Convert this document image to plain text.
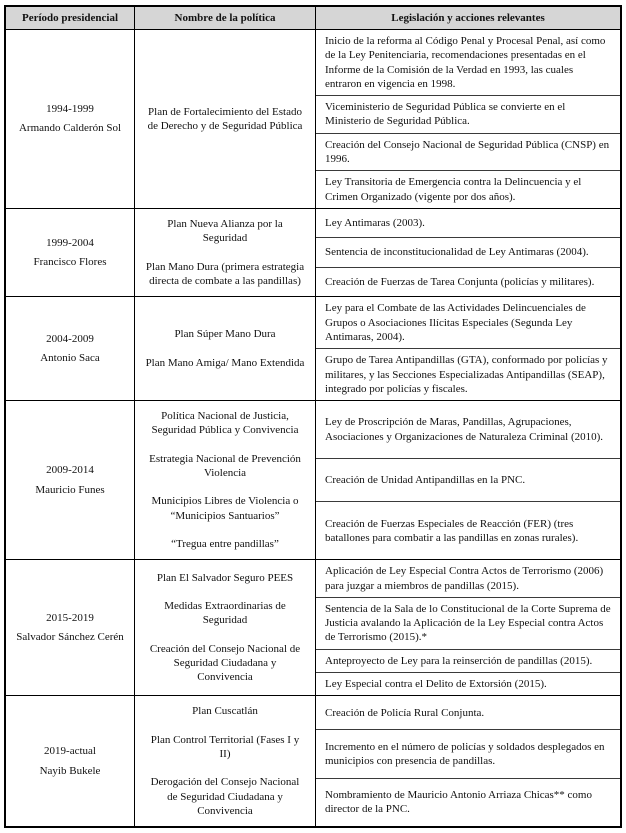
Período presidencial	Nombre de la política	Legislación y acciones relevantes
1994-1999
Armando Calderón Sol
Plan de Fortalecimiento del Estado de Derecho y de Seguridad Pública
Inicio de la reforma al Código Penal y Procesal Penal, así como de la Ley Penitenciaria, recomendaciones presentadas en el Informe de la Comisión de la Verdad en 1993, las cuales entraron en vigencia en 1998.
Viceministerio de Seguridad Pública se convierte en el Ministerio de Seguridad Pública.
Creación del Consejo Nacional de Seguridad Pública (CNSP) en 1996.
Ley Transitoria de Emergencia contra la Delincuencia y el Crimen Organizado (vigente por dos años).
1999-2004
Francisco Flores
Plan Nueva Alianza por la Seguridad
Plan Mano Dura (primera estrategia directa de combate a las pandillas)
Ley Antimaras (2003).
Sentencia de inconstitucionalidad de Ley Antimaras (2004).
Creación de Fuerzas de Tarea Conjunta (policías y militares).
2004-2009
Antonio Saca
Plan Súper Mano Dura
Plan Mano Amiga/ Mano Extendida
Ley para el Combate de las Actividades Delincuenciales de Grupos o Asociaciones Ilícitas Especiales (Segunda Ley Antimaras, 2004).
Grupo de Tarea Antipandillas (GTA), conformado por policías y militares, y las Secciones Especializadas Antipandillas (SEAP), integrado por policías y fiscales.
2009-2014
Mauricio Funes
Política Nacional de Justicia, Seguridad Pública y Convivencia
Estrategia Nacional de Prevención Violencia
Municipios Libres de Violencia o “Municipios Santuarios”
“Tregua entre pandillas”
Ley de Proscripción de Maras, Pandillas, Agrupaciones, Asociaciones y Organizaciones de Naturaleza Criminal (2010).
Creación de Unidad Antipandillas en la PNC.
Creación de Fuerzas Especiales de Reacción (FER) (tres batallones para combatir a las pandillas en zonas rurales).
2015-2019
Salvador Sánchez Cerén
Plan El Salvador Seguro PEES
Medidas Extraordinarias de Seguridad
Creación del Consejo Nacional de Seguridad Ciudadana y Convivencia
Aplicación de Ley Especial Contra Actos de Terrorismo (2006) para juzgar a miembros de pandillas (2015).
Sentencia de la Sala de lo Constitucional de la Corte Suprema de Justicia avalando la Aplicación de la Ley Especial contra Actos de Terrorismo (2015).*
Anteproyecto de Ley para la reinserción de pandillas (2015).
Ley Especial contra el Delito de Extorsión (2015).
2019-actual
Nayib Bukele
Plan Cuscatlán
Plan Control Territorial (Fases I y II)
Derogación del Consejo Nacional de Seguridad Ciudadana y Convivencia
Creación de Policía Rural Conjunta.
Incremento en el número de policías y soldados desplegados en municipios con presencia de pandillas.
Nombramiento de Mauricio Antonio Arriaza Chicas** como director de la PNC.
